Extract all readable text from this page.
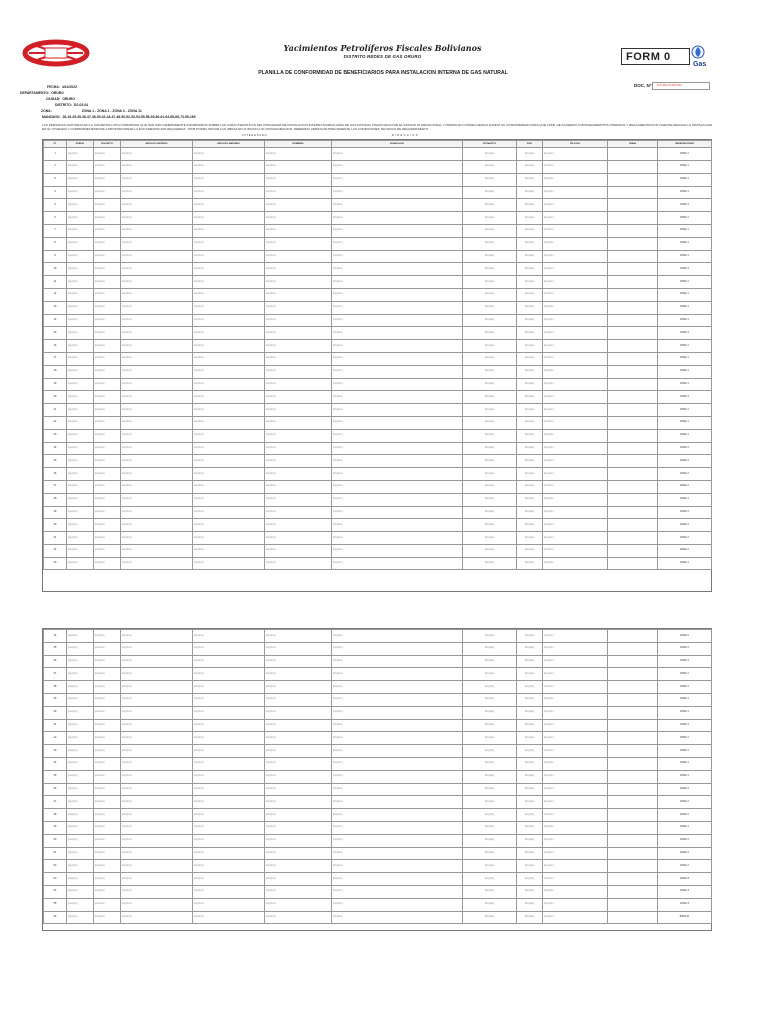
Yacimientos Petrolíferos Fiscales Bolivianos
DISTRITO REDES DE GAS ORURO	FORM 0
Gas
PLANILLA DE CONFORMIDAD DE BENEFICIARIOS PARA INSTALACION INTERNA DE GAS NATURAL
DOC. Nº: PLN-FRC-03 DR-ORU
FECHA: 4/12/2022
DEPARTAMENTO: ORURO
CIUDAD: ORURO
DISTRITO: D2-03-04
ZONA:	ZONA 1 - ZONA 2 - ZONA 3 - ZONA 11
MANZANO: 28-19-29-35-36-37-38-39-42-43-47-48-50-52-53-54-55-56-59-60-61-64-65-66-73-95-169
LAS PERSONAS ANOTADAS EN LA SIGUIENTE LISTA CONFIRMAN QUE HAN SIDO DEBIDAMENTE INFORMADOS SOBRE LAS CARACTERISTICAS DEL PROGRAMA DE INSTALACION INTERNA DOMICILIARIA DE GAS NATURAL FINANCIADA POR EL ESTADO PLURINACIONAL Y FIRMAN EN CONSECUENCIA DANDO SU CONFORMIDAD PARA QUE YPFB, DE ACUERDO A PROCEDIMIENTOS INTERNOS Y REGLAMENTACION VIGENTE REALICE LA INSTALACION EN SU VIVIENDA Y COMPROMETIENDOSE A PROPORCIONAR LA DOCUMENTACION REQUERIDA. YPFB PODRA INICIAR LAS OBRAS EN FUNCION A SU PROGRAMACION, DEBIENDO VERIFICAR PREVIAMENTE LAS CONDICIONES TECNICAS DE REQUERIMIENTO.
INTERESADO	DIRECCION
Nº	PREDIO	PISO/DPTO	APELLIDO PATERNO	APELLIDO MATERNO	NOMBRES	AVDA/CALLE	Nº/VIA/DPTO	PISO	TELF/CEL	FIRMA	OBSERVACIONES
1	[illegible]	[illegible]	[illegible]	[illegible]	[illegible]	[illegible]	[illegible]	[illegible]	[illegible]		ZONA 1
2	[illegible]	[illegible]	[illegible]	[illegible]	[illegible]	[illegible]	[illegible]	[illegible]	[illegible]		ZONA 1
3	[illegible]	[illegible]	[illegible]	[illegible]	[illegible]	[illegible]	[illegible]	[illegible]	[illegible]		ZONA 1
4	[illegible]	[illegible]	[illegible]	[illegible]	[illegible]	[illegible]	[illegible]	[illegible]	[illegible]		ZONA 1
5	[illegible]	[illegible]	[illegible]	[illegible]	[illegible]	[illegible]	[illegible]	[illegible]	[illegible]		ZONA 1
6	[illegible]	[illegible]	[illegible]	[illegible]	[illegible]	[illegible]	[illegible]	[illegible]	[illegible]		ZONA 1
7	[illegible]	[illegible]	[illegible]	[illegible]	[illegible]	[illegible]	[illegible]	[illegible]	[illegible]		ZONA 1
8	[illegible]	[illegible]	[illegible]	[illegible]	[illegible]	[illegible]	[illegible]	[illegible]	[illegible]		ZONA 1
9	[illegible]	[illegible]	[illegible]	[illegible]	[illegible]	[illegible]	[illegible]	[illegible]	[illegible]		ZONA 1
10	[illegible]	[illegible]	[illegible]	[illegible]	[illegible]	[illegible]	[illegible]	[illegible]	[illegible]		ZONA 1
11	[illegible]	[illegible]	[illegible]	[illegible]	[illegible]	[illegible]	[illegible]	[illegible]	[illegible]		ZONA 1
12	[illegible]	[illegible]	[illegible]	[illegible]	[illegible]	[illegible]	[illegible]	[illegible]	[illegible]		ZONA 1
13	[illegible]	[illegible]	[illegible]	[illegible]	[illegible]	[illegible]	[illegible]	[illegible]	[illegible]		ZONA 1
14	[illegible]	[illegible]	[illegible]	[illegible]	[illegible]	[illegible]	[illegible]	[illegible]	[illegible]		ZONA 1
15	[illegible]	[illegible]	[illegible]	[illegible]	[illegible]	[illegible]	[illegible]	[illegible]	[illegible]		ZONA 1
16	[illegible]	[illegible]	[illegible]	[illegible]	[illegible]	[illegible]	[illegible]	[illegible]	[illegible]		ZONA 1
17	[illegible]	[illegible]	[illegible]	[illegible]	[illegible]	[illegible]	[illegible]	[illegible]	[illegible]		ZONA 1
18	[illegible]	[illegible]	[illegible]	[illegible]	[illegible]	[illegible]	[illegible]	[illegible]	[illegible]		ZONA 1
19	[illegible]	[illegible]	[illegible]	[illegible]	[illegible]	[illegible]	[illegible]	[illegible]	[illegible]		ZONA 1
20	[illegible]	[illegible]	[illegible]	[illegible]	[illegible]	[illegible]	[illegible]	[illegible]	[illegible]		ZONA 1
21	[illegible]	[illegible]	[illegible]	[illegible]	[illegible]	[illegible]	[illegible]	[illegible]	[illegible]		ZONA 1
22	[illegible]	[illegible]	[illegible]	[illegible]	[illegible]	[illegible]	[illegible]	[illegible]	[illegible]		ZONA 1
23	[illegible]	[illegible]	[illegible]	[illegible]	[illegible]	[illegible]	[illegible]	[illegible]	[illegible]		ZONA 2
24	[illegible]	[illegible]	[illegible]	[illegible]	[illegible]	[illegible]	[illegible]	[illegible]	[illegible]		ZONA 2
25	[illegible]	[illegible]	[illegible]	[illegible]	[illegible]	[illegible]	[illegible]	[illegible]	[illegible]		ZONA 2
26	[illegible]	[illegible]	[illegible]	[illegible]	[illegible]	[illegible]	[illegible]	[illegible]	[illegible]		ZONA 2
27	[illegible]	[illegible]	[illegible]	[illegible]	[illegible]	[illegible]	[illegible]	[illegible]	[illegible]		ZONA 2
28	[illegible]	[illegible]	[illegible]	[illegible]	[illegible]	[illegible]	[illegible]	[illegible]	[illegible]		ZONA 2
29	[illegible]	[illegible]	[illegible]	[illegible]	[illegible]	[illegible]	[illegible]	[illegible]	[illegible]		ZONA 2
30	[illegible]	[illegible]	[illegible]	[illegible]	[illegible]	[illegible]	[illegible]	[illegible]	[illegible]		ZONA 2
31	[illegible]	[illegible]	[illegible]	[illegible]	[illegible]	[illegible]	[illegible]	[illegible]	[illegible]		ZONA 2
32	[illegible]	[illegible]	[illegible]	[illegible]	[illegible]	[illegible]	[illegible]	[illegible]	[illegible]		ZONA 2
33	[illegible]	[illegible]	[illegible]	[illegible]	[illegible]	[illegible]	[illegible]	[illegible]	[illegible]		ZONA 2
34	[illegible]	[illegible]	[illegible]	[illegible]	[illegible]	[illegible]	[illegible]	[illegible]	[illegible]		ZONA 2
35	[illegible]	[illegible]	[illegible]	[illegible]	[illegible]	[illegible]	[illegible]	[illegible]	[illegible]		ZONA 2
36	[illegible]	[illegible]	[illegible]	[illegible]	[illegible]	[illegible]	[illegible]	[illegible]	[illegible]		ZONA 1
37	[illegible]	[illegible]	[illegible]	[illegible]	[illegible]	[illegible]	[illegible]	[illegible]	[illegible]		ZONA 1
38	[illegible]	[illegible]	[illegible]	[illegible]	[illegible]	[illegible]	[illegible]	[illegible]	[illegible]		ZONA 1
39	[illegible]	[illegible]	[illegible]	[illegible]	[illegible]	[illegible]	[illegible]	[illegible]	[illegible]		ZONA 1
40	[illegible]	[illegible]	[illegible]	[illegible]	[illegible]	[illegible]	[illegible]	[illegible]	[illegible]		ZONA 1
41	[illegible]	[illegible]	[illegible]	[illegible]	[illegible]	[illegible]	[illegible]	[illegible]	[illegible]		ZONA 1
42	[illegible]	[illegible]	[illegible]	[illegible]	[illegible]	[illegible]	[illegible]	[illegible]	[illegible]		ZONA 1
43	[illegible]	[illegible]	[illegible]	[illegible]	[illegible]	[illegible]	[illegible]	[illegible]	[illegible]		ZONA 1
44	[illegible]	[illegible]	[illegible]	[illegible]	[illegible]	[illegible]	[illegible]	[illegible]	[illegible]		ZONA 1
45	[illegible]	[illegible]	[illegible]	[illegible]	[illegible]	[illegible]	[illegible]	[illegible]	[illegible]		ZONA 1
46	[illegible]	[illegible]	[illegible]	[illegible]	[illegible]	[illegible]	[illegible]	[illegible]	[illegible]		ZONA 2
47	[illegible]	[illegible]	[illegible]	[illegible]	[illegible]	[illegible]	[illegible]	[illegible]	[illegible]		ZONA 2
48	[illegible]	[illegible]	[illegible]	[illegible]	[illegible]	[illegible]	[illegible]	[illegible]	[illegible]		ZONA 2
49	[illegible]	[illegible]	[illegible]	[illegible]	[illegible]	[illegible]	[illegible]	[illegible]	[illegible]		ZONA 2
50	[illegible]	[illegible]	[illegible]	[illegible]	[illegible]	[illegible]	[illegible]	[illegible]	[illegible]		ZONA 2
51	[illegible]	[illegible]	[illegible]	[illegible]	[illegible]	[illegible]	[illegible]	[illegible]	[illegible]		ZONA 2
52	[illegible]	[illegible]	[illegible]	[illegible]	[illegible]	[illegible]	[illegible]	[illegible]	[illegible]		ZONA 2
53	[illegible]	[illegible]	[illegible]	[illegible]	[illegible]	[illegible]	[illegible]	[illegible]	[illegible]		ZONA 3
54	[illegible]	[illegible]	[illegible]	[illegible]	[illegible]	[illegible]	[illegible]	[illegible]	[illegible]		ZONA 3
55	[illegible]	[illegible]	[illegible]	[illegible]	[illegible]	[illegible]	[illegible]	[illegible]	[illegible]		ZONA 3
56	[illegible]	[illegible]	[illegible]	[illegible]	[illegible]	[illegible]	[illegible]	[illegible]	[illegible]		ZONA 11
